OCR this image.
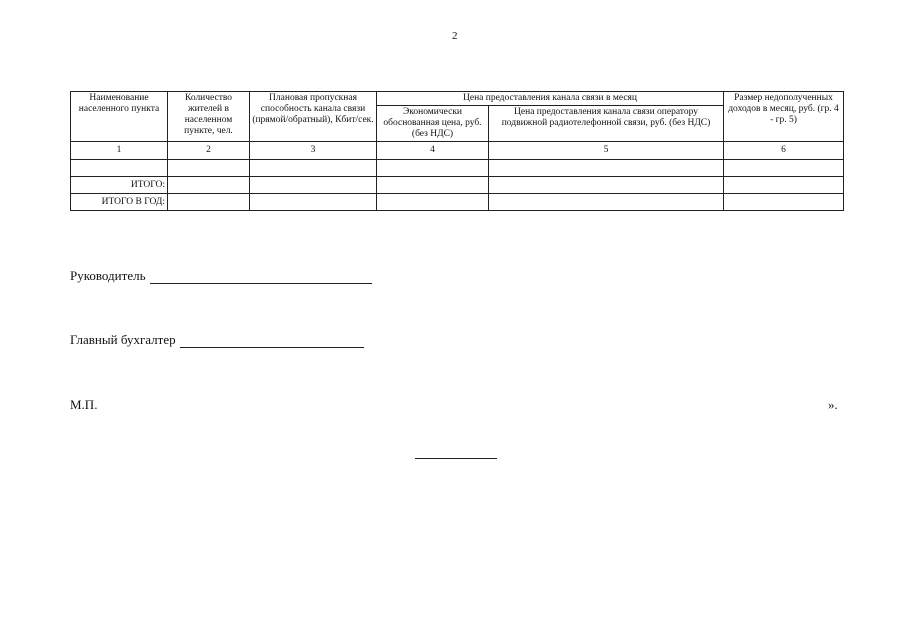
2
Наименование населенного пункта	Количество жителей в населенном пункте, чел.	Плановая пропускная способность канала связи (прямой/обратный), Кбит/сек.	Цена предоставления канала связи в месяц		Размер недополученных доходов в месяц, руб. (гр. 4 - гр. 5)
			Экономически обоснованная цена, руб. (без НДС)	Цена предоставления канала связи оператору подвижной радиотелефонной связи, руб. (без НДС)	
1	2	3	4	5	6

ИТОГО:					
ИТОГО В ГОД:					
Руководитель
Главный бухгалтер
М.П.	».
